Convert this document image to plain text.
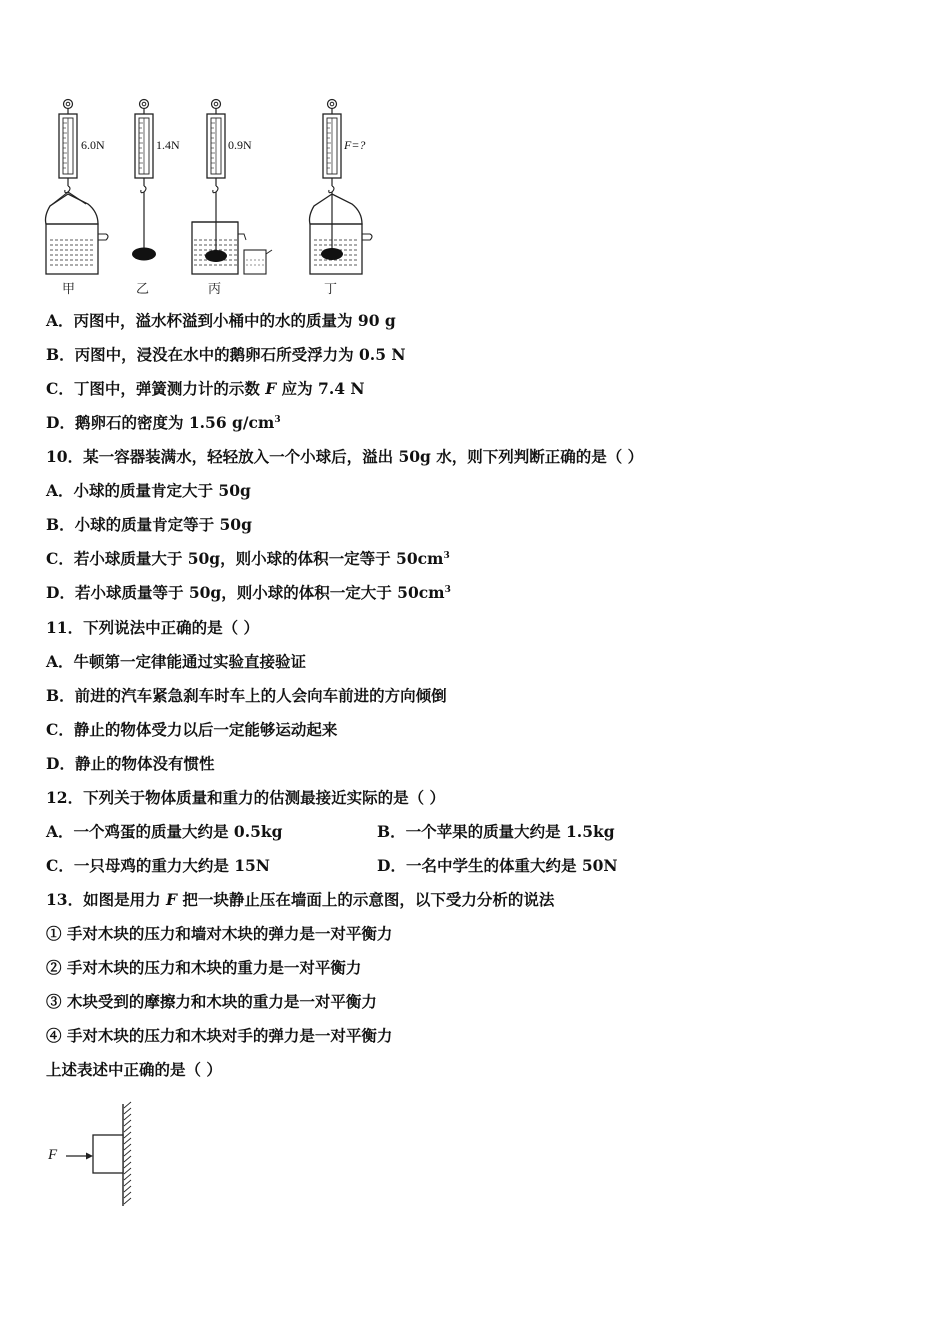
6.0N	1.4N	0.9N	F=?
甲	乙	丙	丁
A．丙图中，溢水杯溢到小桶中的水的质量为 90 g
B．丙图中，浸没在水中的鹅卵石所受浮力为 0.5 N
C．丁图中，弹簧测力计的示数 F 应为 7.4 N
D．鹅卵石的密度为 1.56 $g/cm^3$
10．某一容器装满水，轻轻放入一个小球后，溢出 50g 水，则下列判断正确的是（ ）
A．小球的质量肯定大于 50g
B．小球的质量肯定等于 50g
C．若小球质量大于 50g，则小球的体积一定等于 $50cm^3$
D．若小球质量等于 50g，则小球的体积一定大于 $50cm^3$
11．下列说法中正确的是（ ）
A．牛顿第一定律能通过实验直接验证
B．前进的汽车紧急刹车时车上的人会向车前进的方向倾倒
C．静止的物体受力以后一定能够运动起来
D．静止的物体没有惯性
12．下列关于物体质量和重力的估测最接近实际的是（ ）
A．一个鸡蛋的质量大约是 0.5kg	B．一个苹果的质量大约是 1.5kg
C．一只母鸡的重力大约是 15N	D．一名中学生的体重大约是 50N
13．如图是用力 F 把一块静止压在墙面上的示意图，以下受力分析的说法
① 手对木块的压力和墙对木块的弹力是一对平衡力
② 手对木块的压力和木块的重力是一对平衡力
③ 木块受到的摩擦力和木块的重力是一对平衡力
④ 手对木块的压力和木块对手的弹力是一对平衡力
上述表述中正确的是（ ）
F
